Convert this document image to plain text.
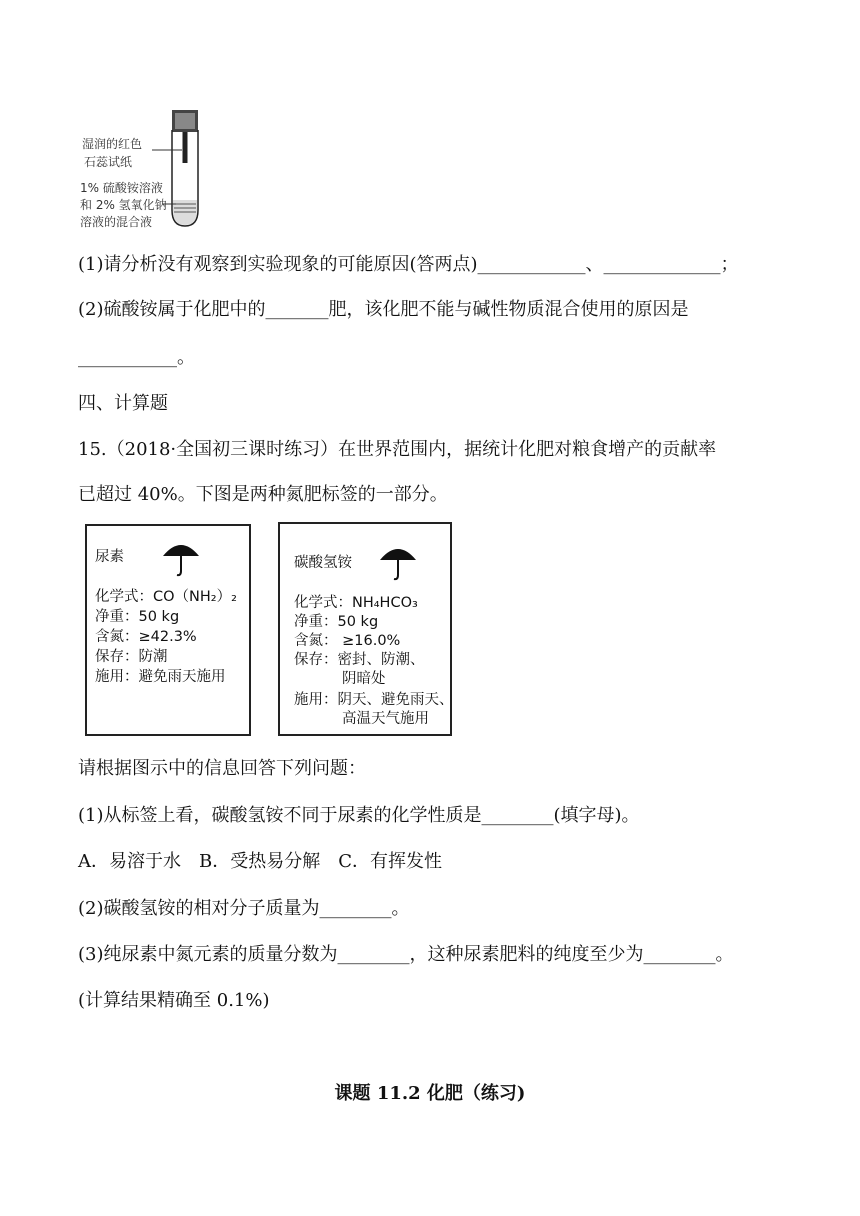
湿润的红色
石蕊试纸
1% 硫酸铵溶液
和 2% 氢氧化钠
溶液的混合液
(1)请分析没有观察到实验现象的可能原因(答两点)____________、_____________；
(2)硫酸铵属于化肥中的_______肥，该化肥不能与碱性物质混合使用的原因是
___________。
四、计算题
15.（2018·全国初三课时练习）在世界范围内，据统计化肥对粮食增产的贡献率
已超过 40%。下图是两种氮肥标签的一部分。
尿素
化学式：CO（NH₂）₂
净重：50 kg
含氮：≥42.3%
保存：防潮
施用：避免雨天施用
碳酸氢铵
化学式：NH₄HCO₃
净重：50 kg
含氮： ≥16.0%
保存：密封、防潮、
阴暗处
施用：阴天、避免雨天、
高温天气施用
请根据图示中的信息回答下列问题：
(1)从标签上看，碳酸氢铵不同于尿素的化学性质是________(填字母)。
A．易溶于水　B．受热易分解　C．有挥发性
(2)碳酸氢铵的相对分子质量为________。
(3)纯尿素中氮元素的质量分数为________，这种尿素肥料的纯度至少为________。
(计算结果精确至 0.1%)
课题 11.2 化肥（练习)
